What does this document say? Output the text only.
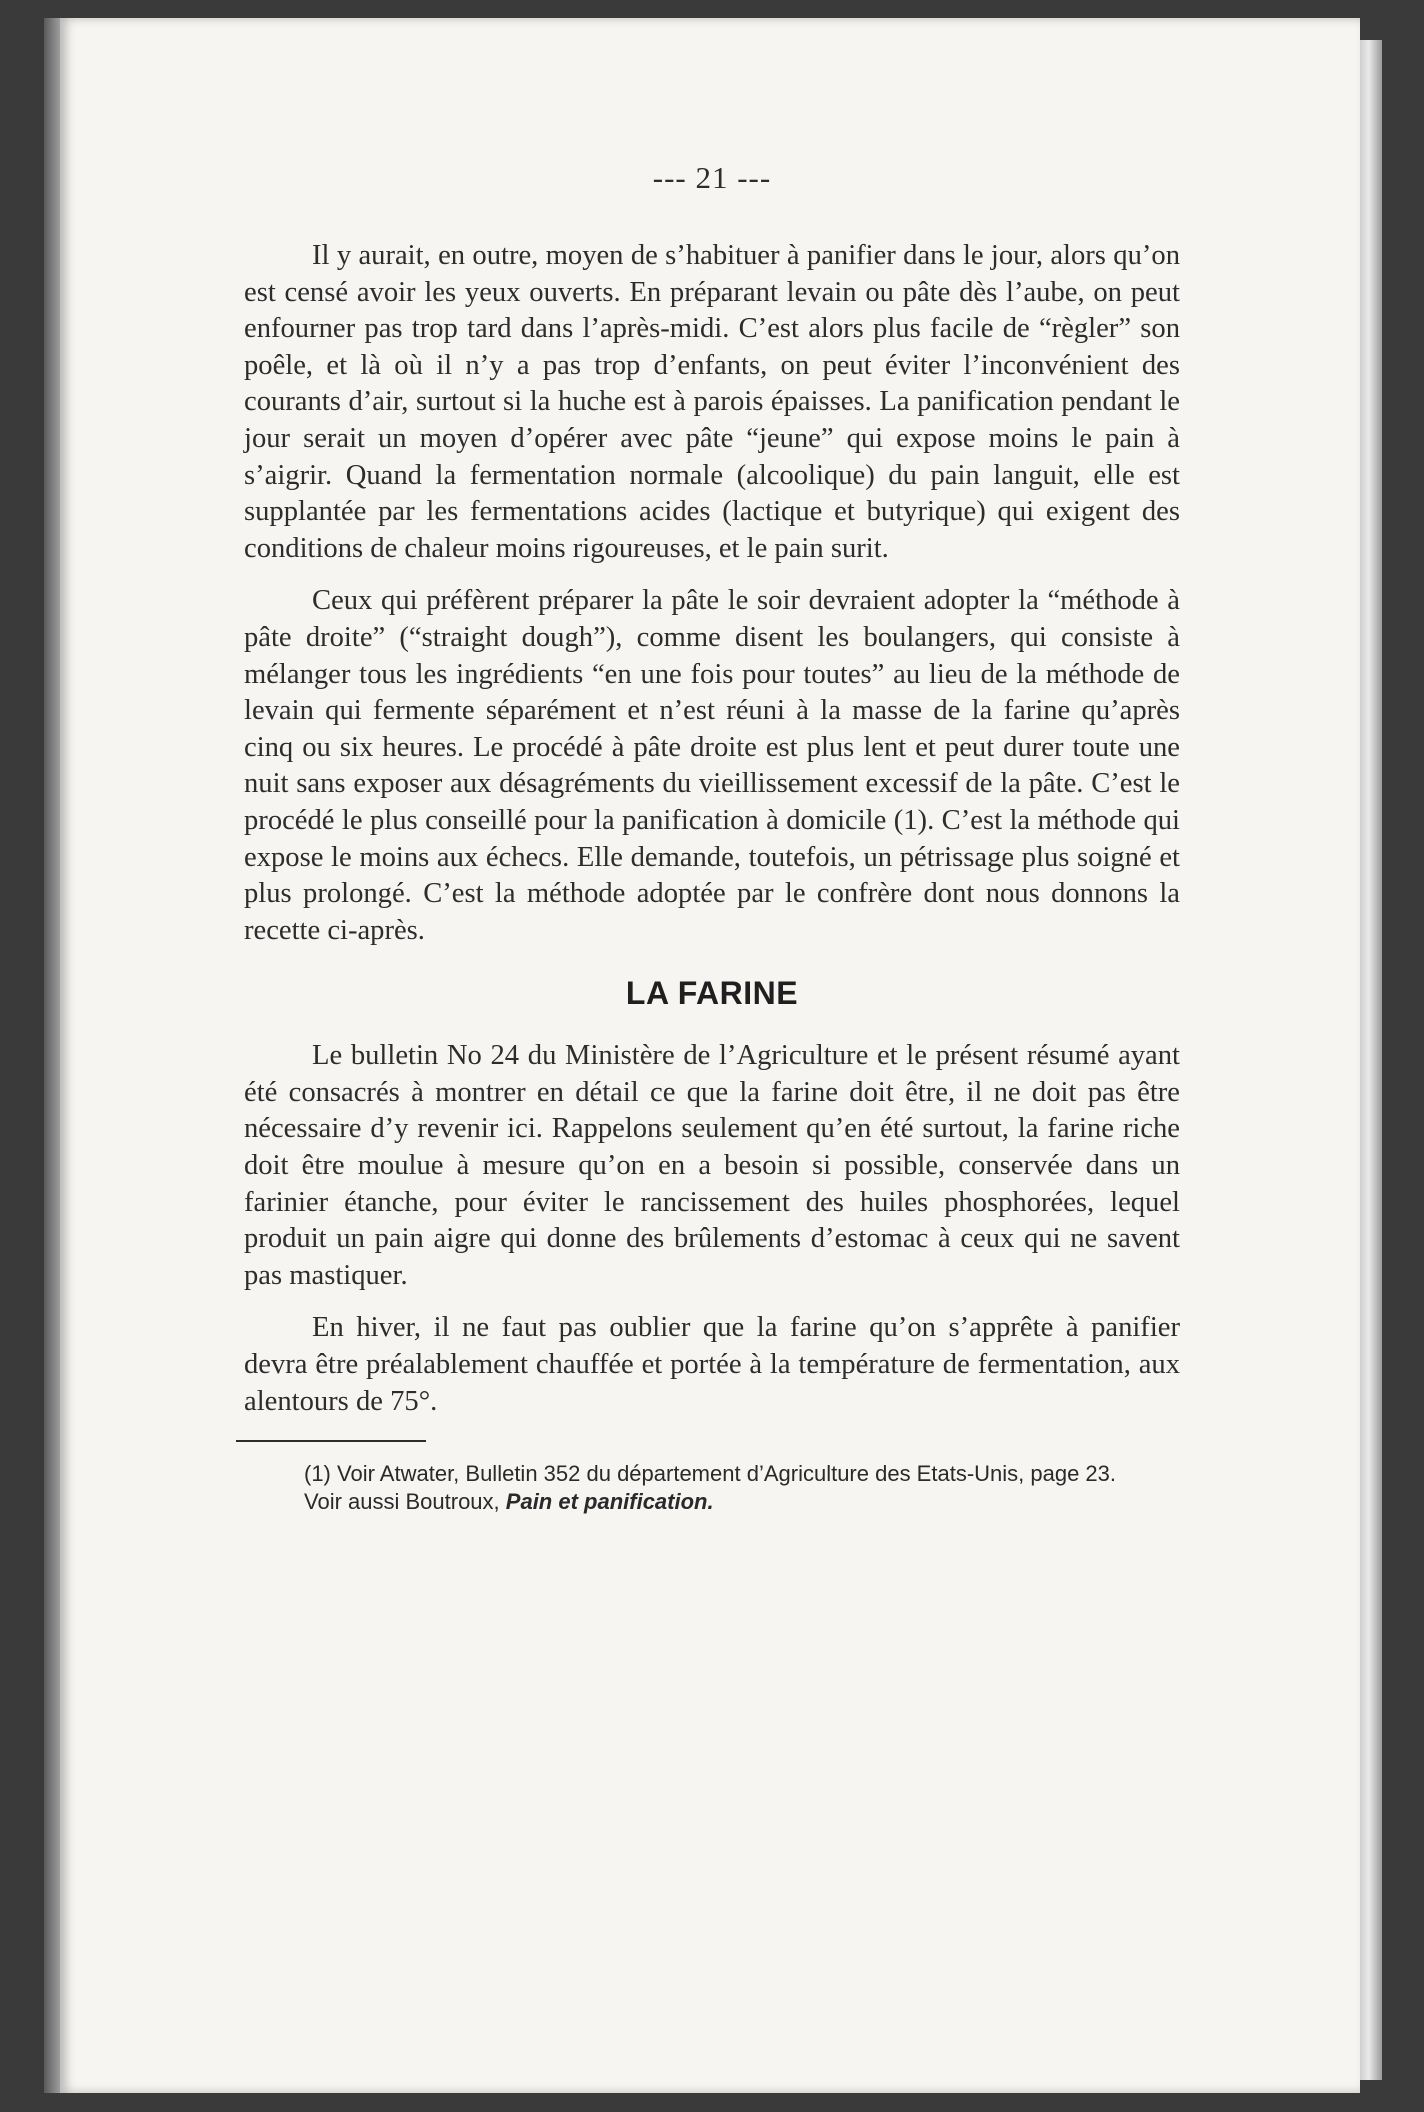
--- 21 ---

Il y aurait, en outre, moyen de s’habituer à panifier dans le jour, alors qu’on est censé avoir les yeux ouverts. En préparant levain ou pâte dès l’aube, on peut enfourner pas trop tard dans l’après-midi. C’est alors plus facile de “règler” son poêle, et là où il n’y a pas trop d’enfants, on peut éviter l’inconvénient des courants d’air, surtout si la huche est à parois épaisses. La panification pendant le jour serait un moyen d’opérer avec pâte “jeune” qui expose moins le pain à s’aigrir. Quand la fermentation normale (alcoolique) du pain languit, elle est supplantée par les fermentations acides (lactique et butyrique) qui exigent des conditions de chaleur moins rigoureuses, et le pain surit.

Ceux qui préfèrent préparer la pâte le soir devraient adopter la “méthode à pâte droite” (“straight dough”), comme disent les boulangers, qui consiste à mélanger tous les ingrédients “en une fois pour toutes” au lieu de la méthode de levain qui fermente séparément et n’est réuni à la masse de la farine qu’après cinq ou six heures. Le procédé à pâte droite est plus lent et peut durer toute une nuit sans exposer aux désagréments du vieillissement excessif de la pâte. C’est le procédé le plus conseillé pour la panification à domicile (1). C’est la méthode qui expose le moins aux échecs. Elle demande, toutefois, un pétrissage plus soigné et plus prolongé. C’est la méthode adoptée par le confrère dont nous donnons la recette ci-après.

LA FARINE

Le bulletin No 24 du Ministère de l’Agriculture et le présent résumé ayant été consacrés à montrer en détail ce que la farine doit être, il ne doit pas être nécessaire d’y revenir ici. Rappelons seulement qu’en été surtout, la farine riche doit être moulue à mesure qu’on en a besoin si possible, conservée dans un farinier étanche, pour éviter le rancissement des huiles phosphorées, lequel produit un pain aigre qui donne des brûlements d’estomac à ceux qui ne savent pas mastiquer.

En hiver, il ne faut pas oublier que la farine qu’on s’apprête à panifier devra être préalablement chauffée et portée à la température de fermentation, aux alentours de 75°.

(1) Voir Atwater, Bulletin 352 du département d’Agriculture des Etats-Unis, page 23.

Voir aussi Boutroux, Pain et panification.
